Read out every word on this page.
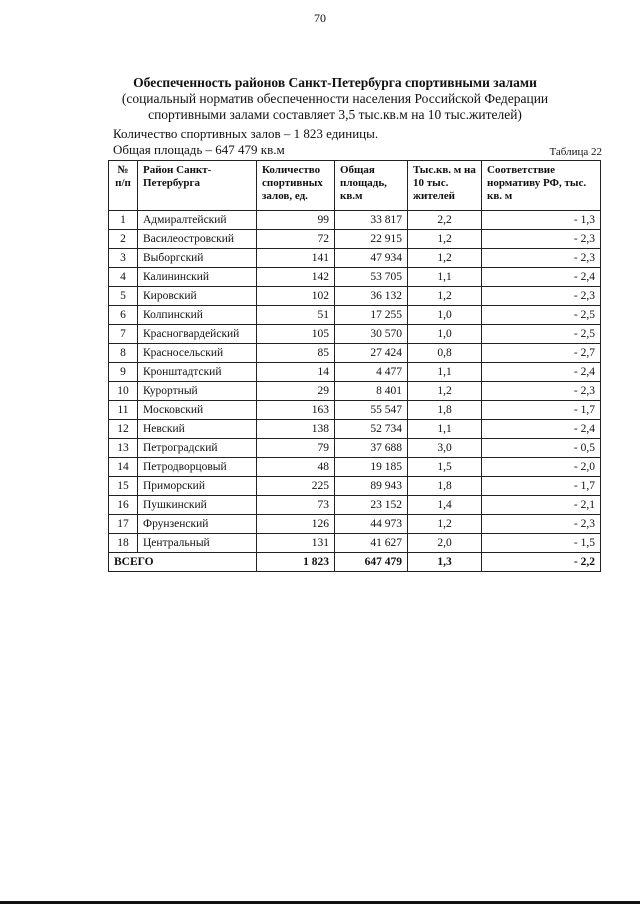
70
Обеспеченность районов Санкт-Петербурга спортивными залами
(социальный норматив обеспеченности населения Российской Федерации
спортивными залами составляет 3,5 тыс.кв.м на 10 тыс.жителей)
Количество спортивных залов – 1 823 единицы.
Общая площадь – 647 479 кв.м	Таблица 22
№ п/п	Район Санкт-Петербурга	Количество спортивных залов, ед.	Общая площадь, кв.м	Тыс.кв. м на 10 тыс. жителей	Соответствие нормативу РФ, тыс. кв. м
1	Адмиралтейский	99	33 817	2,2	- 1,3
2	Василеостровский	72	22 915	1,2	- 2,3
3	Выборгский	141	47 934	1,2	- 2,3
4	Калининский	142	53 705	1,1	- 2,4
5	Кировский	102	36 132	1,2	- 2,3
6	Колпинский	51	17 255	1,0	- 2,5
7	Красногвардейский	105	30 570	1,0	- 2,5
8	Красносельский	85	27 424	0,8	- 2,7
9	Кронштадтский	14	4 477	1,1	- 2,4
10	Курортный	29	8 401	1,2	- 2,3
11	Московский	163	55 547	1,8	- 1,7
12	Невский	138	52 734	1,1	- 2,4
13	Петроградский	79	37 688	3,0	- 0,5
14	Петродворцовый	48	19 185	1,5	- 2,0
15	Приморский	225	89 943	1,8	- 1,7
16	Пушкинский	73	23 152	1,4	- 2,1
17	Фрунзенский	126	44 973	1,2	- 2,3
18	Центральный	131	41 627	2,0	- 1,5
ВСЕГО		1 823	647 479	1,3	- 2,2
